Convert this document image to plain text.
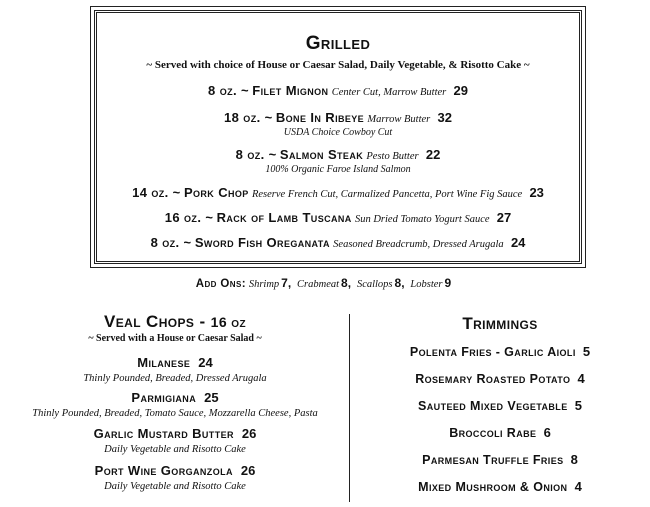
Grilled
~ Served with choice of House or Caesar Salad, Daily Vegetable, & Risotto Cake ~
8 oz. ~ Filet Mignon Center Cut, Marrow Butter 29
18 oz. ~ Bone In Ribeye Marrow Butter 32
USDA Choice Cowboy Cut
8 oz. ~ Salmon Steak Pesto Butter 22
100% Organic Faroe Island Salmon
14 oz. ~ Pork Chop Reserve French Cut, Carmalized Pancetta, Port Wine Fig Sauce 23
16 oz. ~ Rack of Lamb Tuscana Sun Dried Tomato Yogurt Sauce 27
8 oz. ~ Sword Fish Oreganata Seasoned Breadcrumb, Dressed Arugala 24
Add Ons: Shrimp 7, Crabmeat 8, Scallops 8, Lobster 9
Veal Chops - 16 oz
~ Served with a House or Caesar Salad ~
Milanese 24
Thinly Pounded, Breaded, Dressed Arugala
Parmigiana 25
Thinly Pounded, Breaded, Tomato Sauce, Mozzarella Cheese, Pasta
Garlic Mustard Butter 26
Daily Vegetable and Risotto Cake
Port Wine Gorganzola 26
Daily Vegetable and Risotto Cake
Trimmings
Polenta Fries - Garlic Aioli 5
Rosemary Roasted Potato 4
Sauteed Mixed Vegetable 5
Broccoli Rabe 6
Parmesan Truffle Fries 8
Mixed Mushroom & Onion 4
